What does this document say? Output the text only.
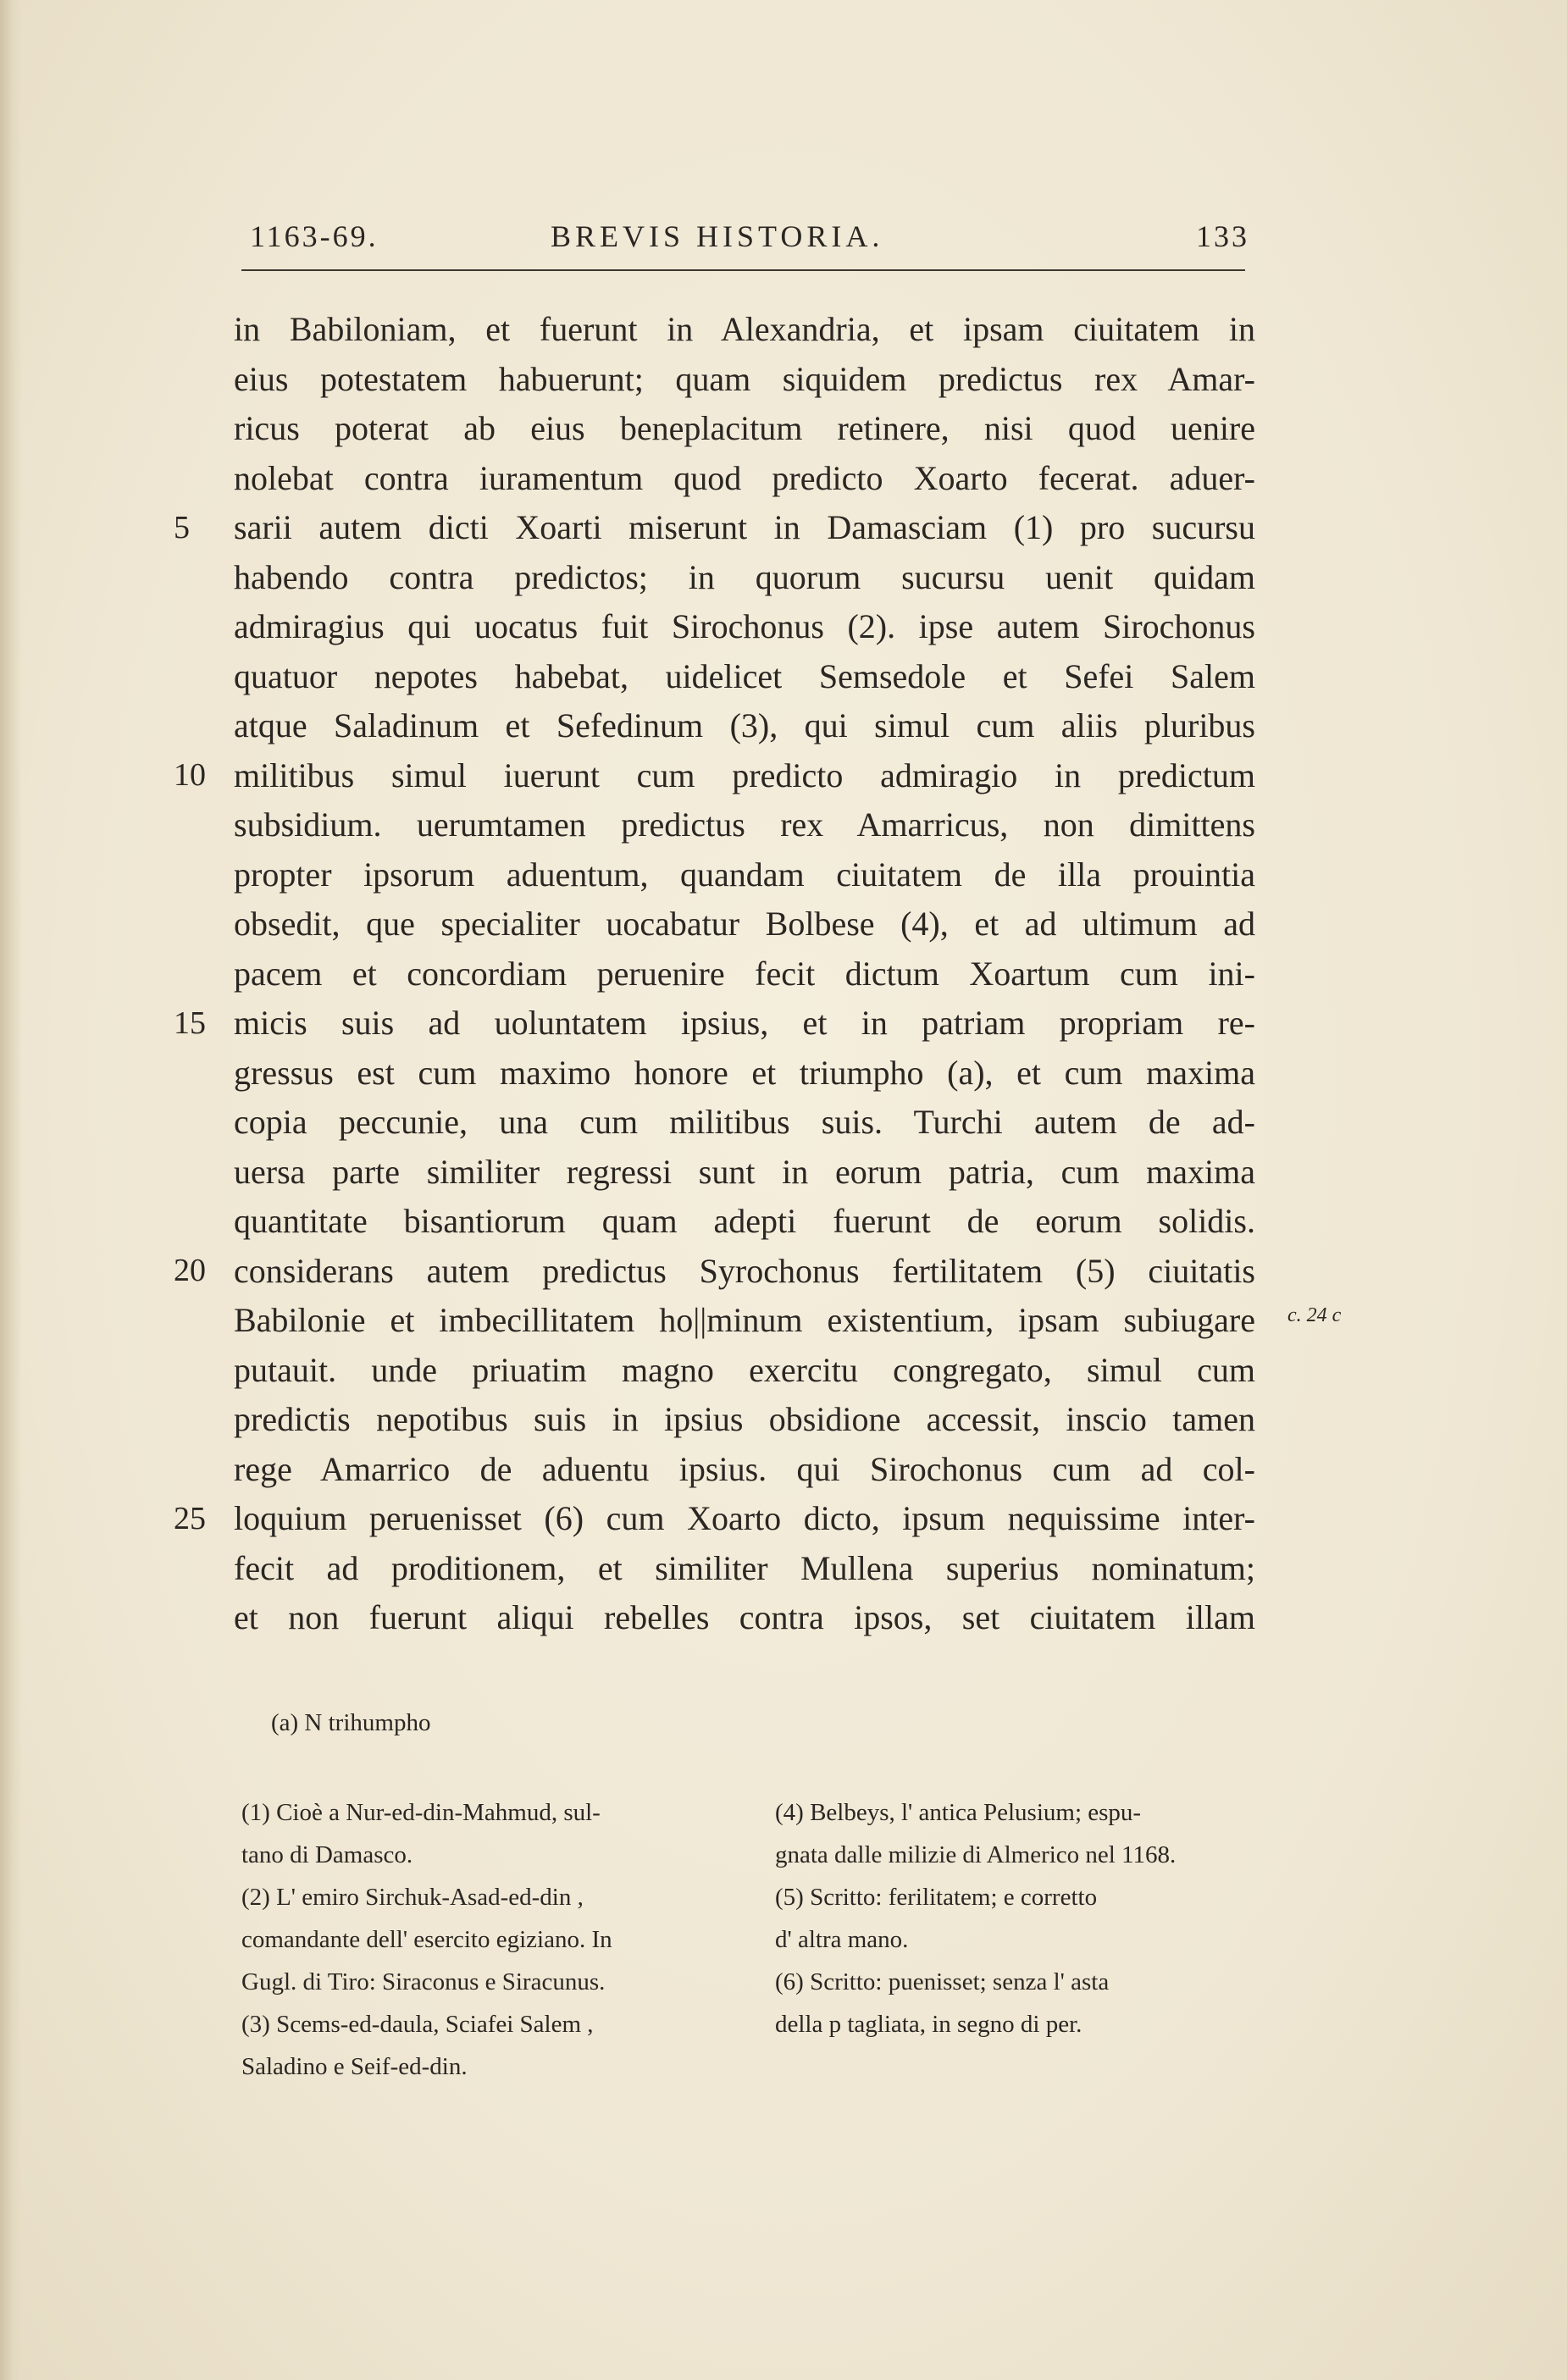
1163-69.	BREVIS HISTORIA.	133
5
10
15
20
25
in Babiloniam, et fuerunt in Alexandria, et ipsam ciuitatem in
eius potestatem habuerunt; quam siquidem predictus rex Amar-
ricus poterat ab eius beneplacitum retinere, nisi quod uenire
nolebat contra iuramentum quod predicto Xoarto fecerat. aduer-
sarii autem dicti Xoarti miserunt in Damasciam (1) pro sucursu
habendo contra predictos; in quorum sucursu uenit quidam
admiragius qui uocatus fuit Sirochonus (2). ipse autem Sirochonus
quatuor nepotes habebat, uidelicet Semsedole et Sefei Salem
atque Saladinum et Sefedinum (3), qui simul cum aliis pluribus
militibus simul iuerunt cum predicto admiragio in predictum
subsidium. uerumtamen predictus rex Amarricus, non dimittens
propter ipsorum aduentum, quandam ciuitatem de illa prouintia
obsedit, que specialiter uocabatur Bolbese (4), et ad ultimum ad
pacem et concordiam peruenire fecit dictum Xoartum cum ini-
micis suis ad uoluntatem ipsius, et in patriam propriam re-
gressus est cum maximo honore et triumpho (a), et cum maxima
copia peccunie, una cum militibus suis. Turchi autem de ad-
uersa parte similiter regressi sunt in eorum patria, cum maxima
quantitate bisantiorum quam adepti fuerunt de eorum solidis.
considerans autem predictus Syrochonus fertilitatem (5) ciuitatis
Babilonie et imbecillitatem ho||minum existentium, ipsam subiugare
putauit. unde priuatim magno exercitu congregato, simul cum
predictis nepotibus suis in ipsius obsidione accessit, inscio tamen
rege Amarrico de aduentu ipsius. qui Sirochonus cum ad col-
loquium peruenisset (6) cum Xoarto dicto, ipsum nequissime inter-
fecit ad proditionem, et similiter Mullena superius nominatum;
et non fuerunt aliqui rebelles contra ipsos, set ciuitatem illam
c. 24 c
(a) N trihumpho
(1) Cioè a Nur-ed-din-Mahmud, sul-
tano di Damasco.
(2) L' emiro Sirchuk-Asad-ed-din ,
comandante dell' esercito egiziano. In
Gugl. di Tiro: Siraconus e Siracunus.
(3) Scems-ed-daula, Sciafei Salem ,
Saladino e Seif-ed-din.
(4) Belbeys, l' antica Pelusium; espu-
gnata dalle milizie di Almerico nel 1168.
(5) Scritto: ferilitatem; e corretto
d' altra mano.
(6) Scritto: puenisset; senza l' asta
della p tagliata, in segno di per.
